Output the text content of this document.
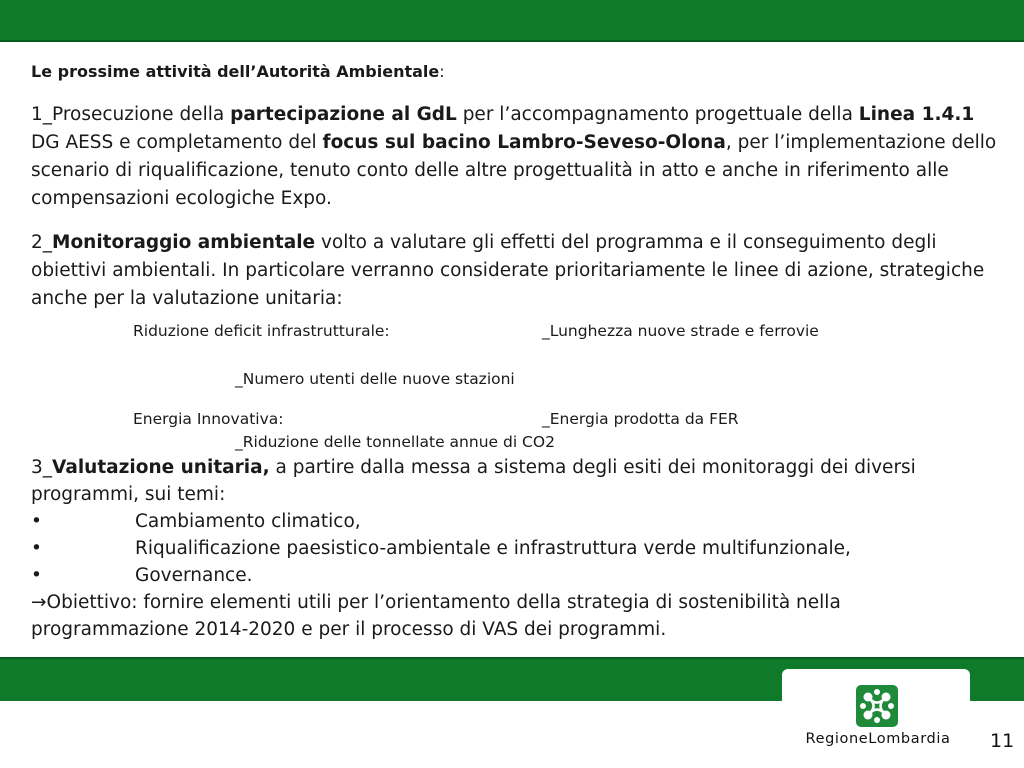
Le prossime attività dell’Autorità Ambientale:
1_Prosecuzione della partecipazione al GdL per l’accompagnamento progettuale della Linea 1.4.1 DG AESS e completamento del focus sul bacino Lambro-Seveso-Olona, per l’implementazione dello scenario di riqualificazione, tenuto conto delle altre progettualità in atto e anche in riferimento alle compensazioni ecologiche Expo.
2_Monitoraggio ambientale volto a valutare gli effetti del programma e il conseguimento degli obiettivi ambientali. In particolare verranno considerate prioritariamente le linee di azione, strategiche anche per la valutazione unitaria:
Riduzione deficit infrastrutturale:	_Lunghezza nuove strade e ferrovie
_Numero utenti delle nuove stazioni
Energia Innovativa:	_Energia prodotta da FER
_Riduzione delle tonnellate annue di CO2
3_Valutazione unitaria, a partire dalla messa a sistema degli esiti dei monitoraggi dei diversi programmi, sui temi:
•	Cambiamento climatico,
•	Riqualificazione paesistico-ambientale e infrastruttura verde multifunzionale,
•	Governance.
→Obiettivo: fornire elementi utili per l’orientamento della strategia di sostenibilità nella programmazione 2014-2020 e per il processo di VAS dei programmi.
RegioneLombardia	11
